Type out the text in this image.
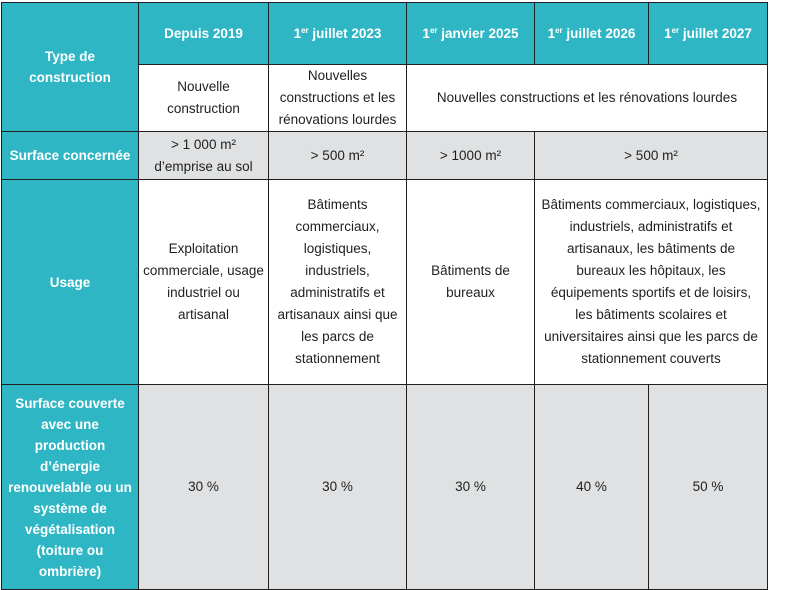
Type de construction	Depuis 2019	1er juillet 2023	1er janvier 2025	1er juillet 2026	1er juillet 2027
	Nouvelle construction	Nouvelles constructions et les rénovations lourdes	Nouvelles constructions et les rénovations lourdes		
Surface concernée	> 1 000 m² d’emprise au sol	> 500 m²	> 1000 m²	> 500 m²	
Usage	Exploitation commerciale, usage industriel ou artisanal	Bâtiments commerciaux, logistiques, industriels, administratifs et artisanaux ainsi que les parcs de stationnement	Bâtiments de bureaux	Bâtiments commerciaux, logistiques, industriels, administratifs et artisanaux, les bâtiments de bureaux les hôpitaux, les équipements sportifs et de loisirs, les bâtiments scolaires et universitaires ainsi que les parcs de stationnement couverts	
Surface couverte avec une production d’énergie renouvelable ou un système de végétalisation (toiture ou ombrière)	30 %	30 %	30 %	40 %	50 %
